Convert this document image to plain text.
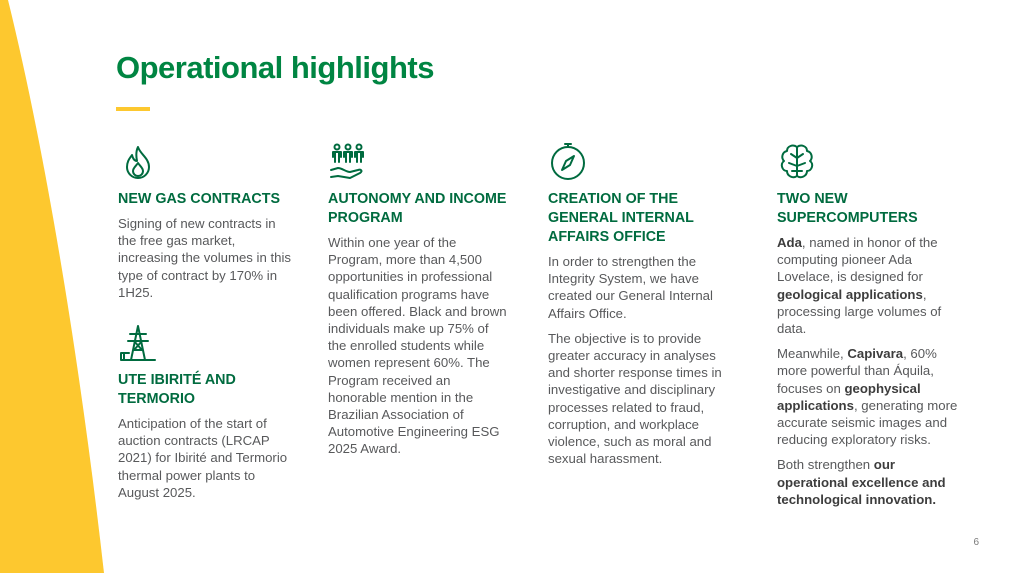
Operational highlights
NEW GAS CONTRACTS

Signing of new contracts in the free gas market, increasing the volumes in this type of contract by 170% in 1H25.

UTE IBIRITÉ AND TERMORIO

Anticipation of the start of auction contracts (LRCAP 2021) for Ibirité and Termorio thermal power plants to August 2025.

AUTONOMY AND INCOME PROGRAM

Within one year of the Program, more than 4,500 opportunities in professional qualification programs have been offered. Black and brown individuals make up 75% of the enrolled students while women represent 60%. The Program received an honorable mention in the Brazilian Association of Automotive Engineering ESG 2025 Award.

CREATION OF THE GENERAL INTERNAL AFFAIRS OFFICE

In order to strengthen the Integrity System, we have created our General Internal Affairs Office.

The objective is to provide greater accuracy in analyses and shorter response times in investigative and disciplinary processes related to fraud, corruption, and workplace violence, such as moral and sexual harassment.

TWO NEW SUPERCOMPUTERS

Ada, named in honor of the computing pioneer Ada Lovelace, is designed for geological applications, processing large volumes of data.

Meanwhile, Capivara, 60% more powerful than Áquila, focuses on geophysical applications, generating more accurate seismic images and reducing exploratory risks.

Both strengthen our operational excellence and technological innovation.

6
